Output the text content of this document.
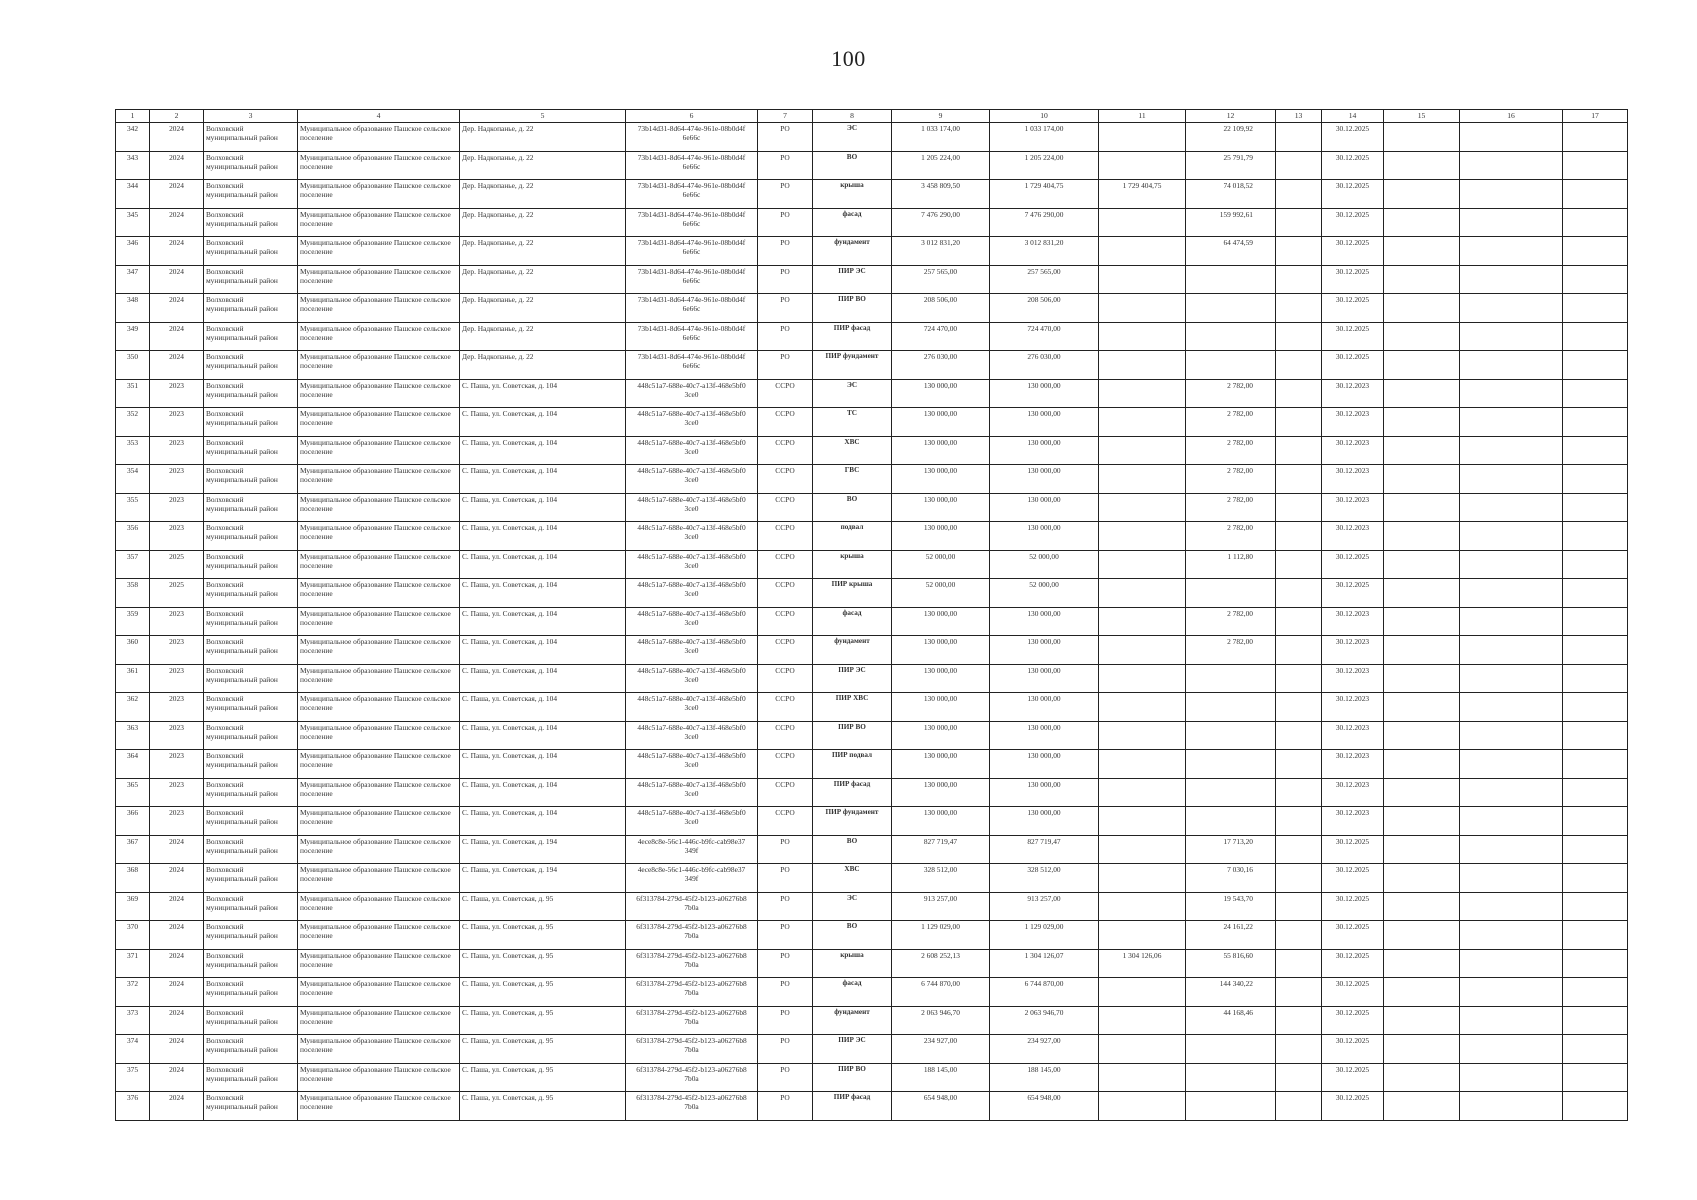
100
1	2	3	4	5	6	7	8	9	10	11	12	13	14	15	16	17
342	2024	Волховский муниципальный район	Муниципальное образование Пашское сельское поселение	Дер. Надкопанье, д. 22	73b14d31-8d64-474e-961e-08b0d4f6e66c	РО	ЭС	1 033 174,00	1 033 174,00		22 109,92		30.12.2025			
343	2024	Волховский муниципальный район	Муниципальное образование Пашское сельское поселение	Дер. Надкопанье, д. 22	73b14d31-8d64-474e-961e-08b0d4f6e66c	РО	ВО	1 205 224,00	1 205 224,00		25 791,79		30.12.2025			
344	2024	Волховский муниципальный район	Муниципальное образование Пашское сельское поселение	Дер. Надкопанье, д. 22	73b14d31-8d64-474e-961e-08b0d4f6e66c	РО	крыша	3 458 809,50	1 729 404,75	1 729 404,75	74 018,52		30.12.2025			
345	2024	Волховский муниципальный район	Муниципальное образование Пашское сельское поселение	Дер. Надкопанье, д. 22	73b14d31-8d64-474e-961e-08b0d4f6e66c	РО	фасад	7 476 290,00	7 476 290,00		159 992,61		30.12.2025			
346	2024	Волховский муниципальный район	Муниципальное образование Пашское сельское поселение	Дер. Надкопанье, д. 22	73b14d31-8d64-474e-961e-08b0d4f6e66c	РО	фундамент	3 012 831,20	3 012 831,20		64 474,59		30.12.2025			
347	2024	Волховский муниципальный район	Муниципальное образование Пашское сельское поселение	Дер. Надкопанье, д. 22	73b14d31-8d64-474e-961e-08b0d4f6e66c	РО	ПИР ЭС	257 565,00	257 565,00				30.12.2025			
348	2024	Волховский муниципальный район	Муниципальное образование Пашское сельское поселение	Дер. Надкопанье, д. 22	73b14d31-8d64-474e-961e-08b0d4f6e66c	РО	ПИР ВО	208 506,00	208 506,00				30.12.2025			
349	2024	Волховский муниципальный район	Муниципальное образование Пашское сельское поселение	Дер. Надкопанье, д. 22	73b14d31-8d64-474e-961e-08b0d4f6e66c	РО	ПИР фасад	724 470,00	724 470,00				30.12.2025			
350	2024	Волховский муниципальный район	Муниципальное образование Пашское сельское поселение	Дер. Надкопанье, д. 22	73b14d31-8d64-474e-961e-08b0d4f6e66c	РО	ПИР фундамент	276 030,00	276 030,00				30.12.2025			
351	2023	Волховский муниципальный район	Муниципальное образование Пашское сельское поселение	С. Паша, ул. Советская, д. 104	448c51a7-688e-40c7-a13f-468e5bf03ce0	ССРО	ЭС	130 000,00	130 000,00		2 782,00		30.12.2023			
352	2023	Волховский муниципальный район	Муниципальное образование Пашское сельское поселение	С. Паша, ул. Советская, д. 104	448c51a7-688e-40c7-a13f-468e5bf03ce0	ССРО	ТС	130 000,00	130 000,00		2 782,00		30.12.2023			
353	2023	Волховский муниципальный район	Муниципальное образование Пашское сельское поселение	С. Паша, ул. Советская, д. 104	448c51a7-688e-40c7-a13f-468e5bf03ce0	ССРО	ХВС	130 000,00	130 000,00		2 782,00		30.12.2023			
354	2023	Волховский муниципальный район	Муниципальное образование Пашское сельское поселение	С. Паша, ул. Советская, д. 104	448c51a7-688e-40c7-a13f-468e5bf03ce0	ССРО	ГВС	130 000,00	130 000,00		2 782,00		30.12.2023			
355	2023	Волховский муниципальный район	Муниципальное образование Пашское сельское поселение	С. Паша, ул. Советская, д. 104	448c51a7-688e-40c7-a13f-468e5bf03ce0	ССРО	ВО	130 000,00	130 000,00		2 782,00		30.12.2023			
356	2023	Волховский муниципальный район	Муниципальное образование Пашское сельское поселение	С. Паша, ул. Советская, д. 104	448c51a7-688e-40c7-a13f-468e5bf03ce0	ССРО	подвал	130 000,00	130 000,00		2 782,00		30.12.2023			
357	2025	Волховский муниципальный район	Муниципальное образование Пашское сельское поселение	С. Паша, ул. Советская, д. 104	448c51a7-688e-40c7-a13f-468e5bf03ce0	ССРО	крыша	52 000,00	52 000,00		1 112,80		30.12.2025			
358	2025	Волховский муниципальный район	Муниципальное образование Пашское сельское поселение	С. Паша, ул. Советская, д. 104	448c51a7-688e-40c7-a13f-468e5bf03ce0	ССРО	ПИР крыша	52 000,00	52 000,00				30.12.2025			
359	2023	Волховский муниципальный район	Муниципальное образование Пашское сельское поселение	С. Паша, ул. Советская, д. 104	448c51a7-688e-40c7-a13f-468e5bf03ce0	ССРО	фасад	130 000,00	130 000,00		2 782,00		30.12.2023			
360	2023	Волховский муниципальный район	Муниципальное образование Пашское сельское поселение	С. Паша, ул. Советская, д. 104	448c51a7-688e-40c7-a13f-468e5bf03ce0	ССРО	фундамент	130 000,00	130 000,00		2 782,00		30.12.2023			
361	2023	Волховский муниципальный район	Муниципальное образование Пашское сельское поселение	С. Паша, ул. Советская, д. 104	448c51a7-688e-40c7-a13f-468e5bf03ce0	ССРО	ПИР ЭС	130 000,00	130 000,00				30.12.2023			
362	2023	Волховский муниципальный район	Муниципальное образование Пашское сельское поселение	С. Паша, ул. Советская, д. 104	448c51a7-688e-40c7-a13f-468e5bf03ce0	ССРО	ПИР ХВС	130 000,00	130 000,00				30.12.2023			
363	2023	Волховский муниципальный район	Муниципальное образование Пашское сельское поселение	С. Паша, ул. Советская, д. 104	448c51a7-688e-40c7-a13f-468e5bf03ce0	ССРО	ПИР ВО	130 000,00	130 000,00				30.12.2023			
364	2023	Волховский муниципальный район	Муниципальное образование Пашское сельское поселение	С. Паша, ул. Советская, д. 104	448c51a7-688e-40c7-a13f-468e5bf03ce0	ССРО	ПИР подвал	130 000,00	130 000,00				30.12.2023			
365	2023	Волховский муниципальный район	Муниципальное образование Пашское сельское поселение	С. Паша, ул. Советская, д. 104	448c51a7-688e-40c7-a13f-468e5bf03ce0	ССРО	ПИР фасад	130 000,00	130 000,00				30.12.2023			
366	2023	Волховский муниципальный район	Муниципальное образование Пашское сельское поселение	С. Паша, ул. Советская, д. 104	448c51a7-688e-40c7-a13f-468e5bf03ce0	ССРО	ПИР фундамент	130 000,00	130 000,00				30.12.2023			
367	2024	Волховский муниципальный район	Муниципальное образование Пашское сельское поселение	С. Паша, ул. Советская, д. 194	4ece8c8e-56c1-446c-b9fc-cab98e37349f	РО	ВО	827 719,47	827 719,47		17 713,20		30.12.2025			
368	2024	Волховский муниципальный район	Муниципальное образование Пашское сельское поселение	С. Паша, ул. Советская, д. 194	4ece8c8e-56c1-446c-b9fc-cab98e37349f	РО	ХВС	328 512,00	328 512,00		7 030,16		30.12.2025			
369	2024	Волховский муниципальный район	Муниципальное образование Пашское сельское поселение	С. Паша, ул. Советская, д. 95	6f313784-279d-45f2-b123-a06276b87b0a	РО	ЭС	913 257,00	913 257,00		19 543,70		30.12.2025			
370	2024	Волховский муниципальный район	Муниципальное образование Пашское сельское поселение	С. Паша, ул. Советская, д. 95	6f313784-279d-45f2-b123-a06276b87b0a	РО	ВО	1 129 029,00	1 129 029,00		24 161,22		30.12.2025			
371	2024	Волховский муниципальный район	Муниципальное образование Пашское сельское поселение	С. Паша, ул. Советская, д. 95	6f313784-279d-45f2-b123-a06276b87b0a	РО	крыша	2 608 252,13	1 304 126,07	1 304 126,06	55 816,60		30.12.2025			
372	2024	Волховский муниципальный район	Муниципальное образование Пашское сельское поселение	С. Паша, ул. Советская, д. 95	6f313784-279d-45f2-b123-a06276b87b0a	РО	фасад	6 744 870,00	6 744 870,00		144 340,22		30.12.2025			
373	2024	Волховский муниципальный район	Муниципальное образование Пашское сельское поселение	С. Паша, ул. Советская, д. 95	6f313784-279d-45f2-b123-a06276b87b0a	РО	фундамент	2 063 946,70	2 063 946,70		44 168,46		30.12.2025			
374	2024	Волховский муниципальный район	Муниципальное образование Пашское сельское поселение	С. Паша, ул. Советская, д. 95	6f313784-279d-45f2-b123-a06276b87b0a	РО	ПИР ЭС	234 927,00	234 927,00				30.12.2025			
375	2024	Волховский муниципальный район	Муниципальное образование Пашское сельское поселение	С. Паша, ул. Советская, д. 95	6f313784-279d-45f2-b123-a06276b87b0a	РО	ПИР ВО	188 145,00	188 145,00				30.12.2025			
376	2024	Волховский муниципальный район	Муниципальное образование Пашское сельское поселение	С. Паша, ул. Советская, д. 95	6f313784-279d-45f2-b123-a06276b87b0a	РО	ПИР фасад	654 948,00	654 948,00				30.12.2025			
